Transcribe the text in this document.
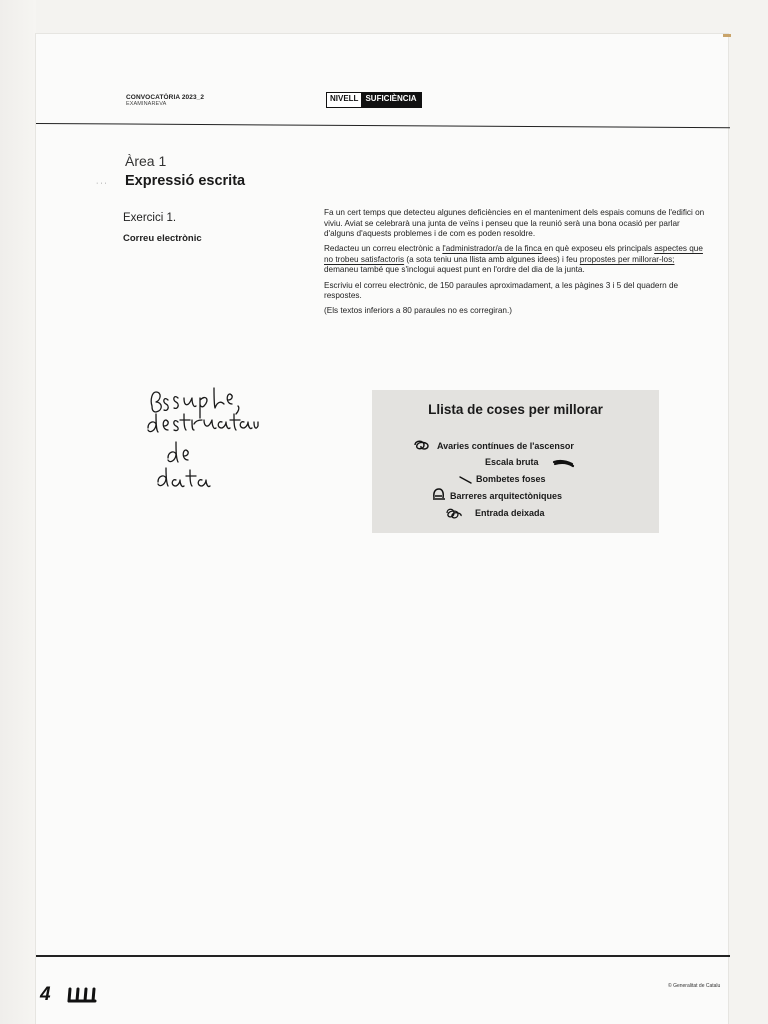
CONVOCATÒRIA 2023_2
EXAMINAREVA
NIVELL SUFICIÈNCIA
Àrea 1
· · · Expressió escrita
Exercici 1.
Correu electrònic

Fa un cert temps que detecteu algunes deficiències en el manteniment dels espais comuns de l'edifici on viviu. Aviat se celebrarà una junta de veïns i penseu que la reunió serà una bona ocasió per parlar d'alguns d'aquests problemes i de com es poden resoldre.

Redacteu un correu electrònic a l'administrador/a de la finca en què exposeu els principals aspectes que no trobeu satisfactoris (a sota teniu una llista amb algunes idees) i feu propostes per millorar-los; demaneu també que s'inclogui aquest punt en l'ordre del dia de la junta.

Escriviu el correu electrònic, de 150 paraules aproximadament, a les pàgines 3 i 5 del quadern de respostes.

(Els textos inferiors a 80 paraules no es corregiran.)

Llista de coses per millorar
Avaries contínues de l'ascensor
Escala bruta
Bombetes foses
Barreres arquitectòniques
Entrada deixada
4	© Generalitat de Catalu
